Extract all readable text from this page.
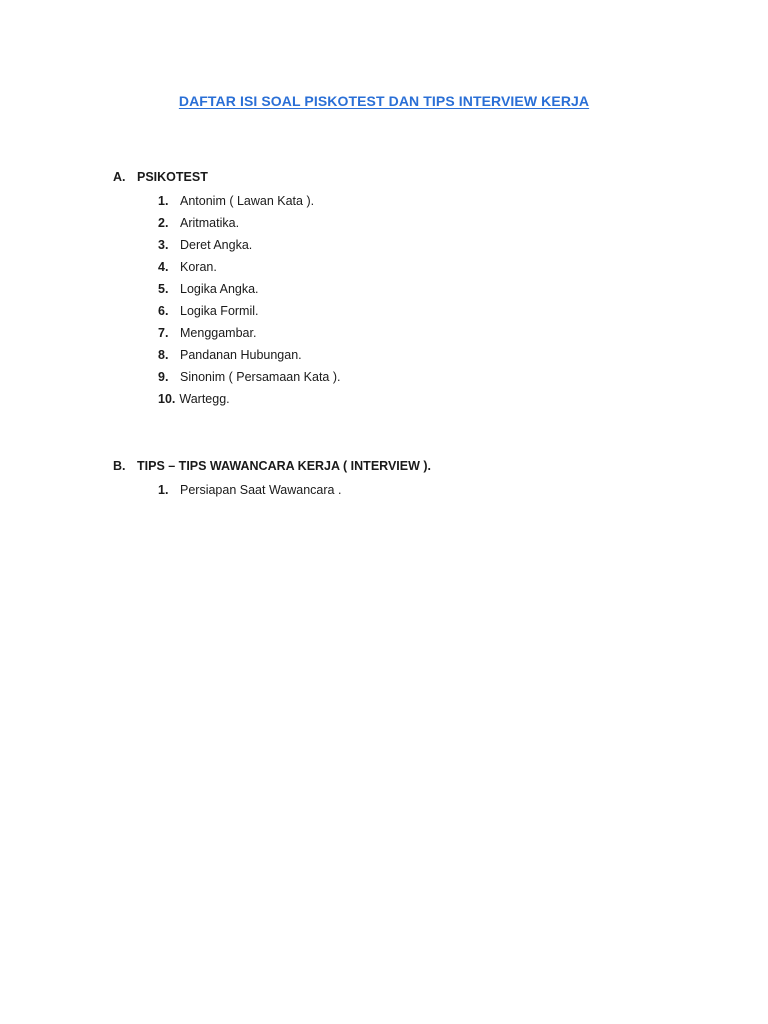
DAFTAR ISI SOAL PISKOTEST DAN TIPS INTERVIEW KERJA
A. PSIKOTEST
1. Antonim ( Lawan Kata ).
2. Aritmatika.
3. Deret Angka.
4. Koran.
5. Logika Angka.
6. Logika Formil.
7. Menggambar.
8. Pandanan Hubungan.
9. Sinonim ( Persamaan Kata ).
10. Wartegg.
B. TIPS – TIPS WAWANCARA KERJA ( INTERVIEW ).
1. Persiapan Saat Wawancara .
